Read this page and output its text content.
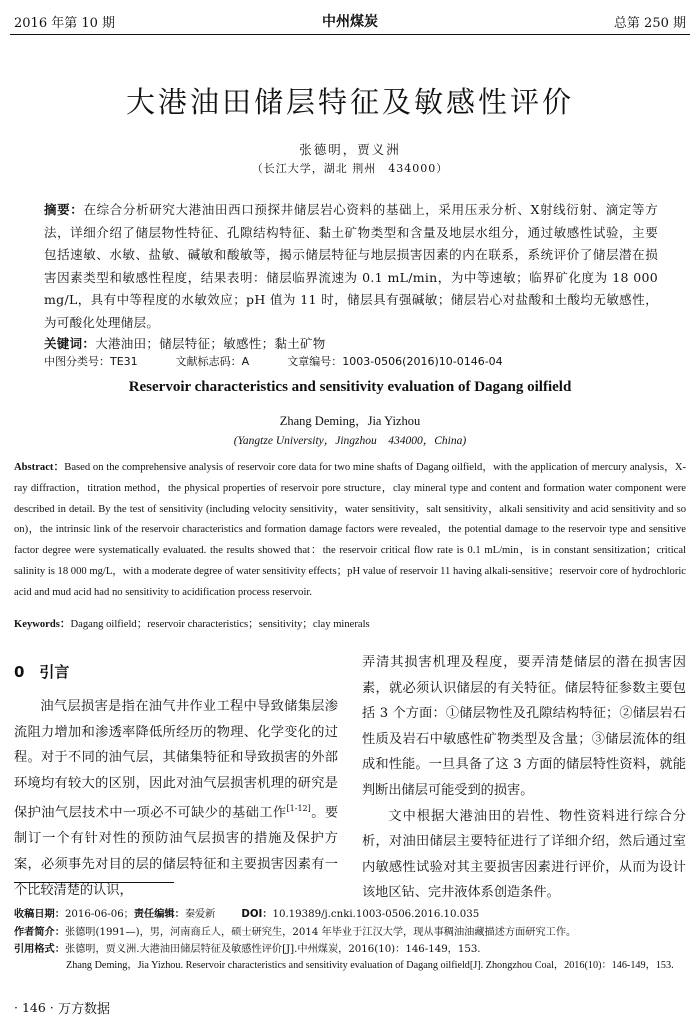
2016 年第 10 期	中州煤炭	总第 250 期
大港油田储层特征及敏感性评价
张德明，贾义洲
（长江大学，湖北 荆州　434000）
摘要：在综合分析研究大港油田西口预探井储层岩心资料的基础上，采用压汞分析、X射线衍射、滴定等方法，详细介绍了储层物性特征、孔隙结构特征、黏土矿物类型和含量及地层水组分，通过敏感性试验，主要包括速敏、水敏、盐敏、碱敏和酸敏等，揭示储层特征与地层损害因素的内在联系，系统评价了储层潜在损害因素类型和敏感性程度，结果表明：储层临界流速为 0.1 mL/min，为中等速敏；临界矿化度为 18 000 mg/L，具有中等程度的水敏效应；pH 值为 11 时，储层具有强碱敏；储层岩心对盐酸和土酸均无敏感性，为可酸化处理储层。
关键词：大港油田；储层特征；敏感性；黏土矿物
中图分类号：TE31	文献标志码：A	文章编号：1003-0506(2016)10-0146-04
Reservoir characteristics and sensitivity evaluation of Dagang oilfield
Zhang Deming，Jia Yizhou
(Yangtze University，Jingzhou　434000，China)
Abstract：Based on the comprehensive analysis of reservoir core data for two mine shafts of Dagang oilfield，with the application of mercury analysis，X-ray diffraction，titration method，the physical properties of reservoir pore structure，clay mineral type and content and formation water component were described in detail. By the test of sensitivity (including velocity sensitivity，water sensitivity，salt sensitivity，alkali sensitivity and acid sensitivity and so on)，the intrinsic link of the reservoir characteristics and formation damage factors were revealed，the potential damage to the reservoir type and sensitive factor degree were systematically evaluated. the results showed that：the reservoir critical flow rate is 0.1 mL/min，is in constant sensitization；critical salinity is 18 000 mg/L，with a moderate degree of water sensitivity effects；pH value of reservoir 11 having alkali-sensitive；reservoir core of hydrochloric acid and mud acid had no sensitivity to acidification process reservoir.
Keywords：Dagang oilfield；reservoir characteristics；sensitivity；clay minerals
0　引言
油气层损害是指在油气井作业工程中导致储集层渗流阻力增加和渗透率降低所经历的物理、化学变化的过程。对于不同的油气层，其储集特征和导致损害的外部环境均有较大的区别，因此对油气层损害机理的研究是保护油气层技术中一项必不可缺少的基础工作[1-12]。要制订一个有针对性的预防油气层损害的措施及保护方案，必须事先对目的层的储层特征和主要损害因素有一个比较清楚的认识，
弄清其损害机理及程度，要弄清楚储层的潜在损害因素，就必须认识储层的有关特征。储层特征参数主要包括 3 个方面：①储层物性及孔隙结构特征；②储层岩石性质及岩石中敏感性矿物类型及含量；③储层流体的组成和性能。一旦具备了这 3 方面的储层特性资料，就能判断出储层可能受到的损害。
文中根据大港油田的岩性、物性资料进行综合分析，对油田储层主要特征进行了详细介绍，然后通过室内敏感性试验对其主要损害因素进行评价，从而为设计该地区钻、完井液体系创造条件。
收稿日期：2016-06-06；责任编辑：秦爱新	DOI：10.19389/j.cnki.1003-0506.2016.10.035
作者简介：张德明(1991—)，男，河南商丘人，硕士研究生，2014 年毕业于江汉大学，现从事稠油油藏描述方面研究工作。
引用格式：张德明，贾义洲.大港油田储层特征及敏感性评价[J].中州煤炭，2016(10)：146-149，153.
Zhang Deming，Jia Yizhou. Reservoir characteristics and sensitivity evaluation of Dagang oilfield[J]. Zhongzhou Coal，2016(10)：146-149，153.
· 146 · 万方数据
